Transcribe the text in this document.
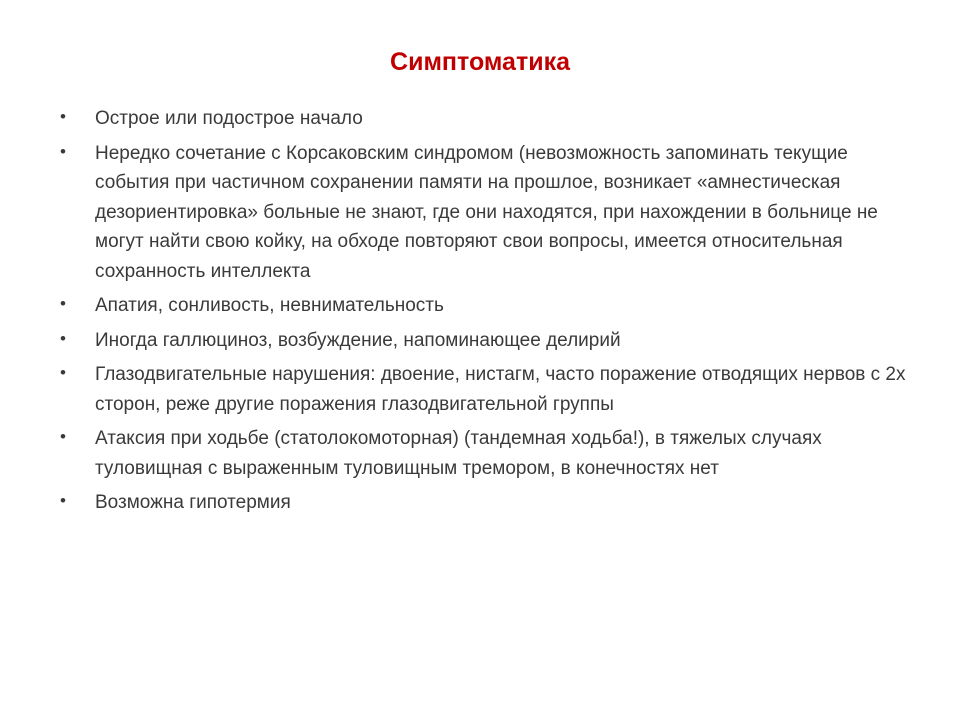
Симптоматика
•	Острое или подострое начало
•	Нередко сочетание с Корсаковским синдромом (невозможность запоминать текущие события при частичном сохранении памяти на прошлое, возникает «амнестическая дезориентировка» больные не знают, где они находятся, при нахождении в больнице не могут найти свою койку, на обходе повторяют свои вопросы, имеется относительная сохранность интеллекта
•	Апатия, сонливость, невнимательность
•	Иногда галлюциноз, возбуждение, напоминающее делирий
•	Глазодвигательные нарушения: двоение, нистагм, часто поражение отводящих нервов с 2х сторон, реже другие поражения глазодвигательной группы
•	Атаксия при ходьбе (статолокомоторная) (тандемная ходьба!), в тяжелых случаях туловищная с выраженным туловищным тремором, в конечностях нет
•	Возможна гипотермия
